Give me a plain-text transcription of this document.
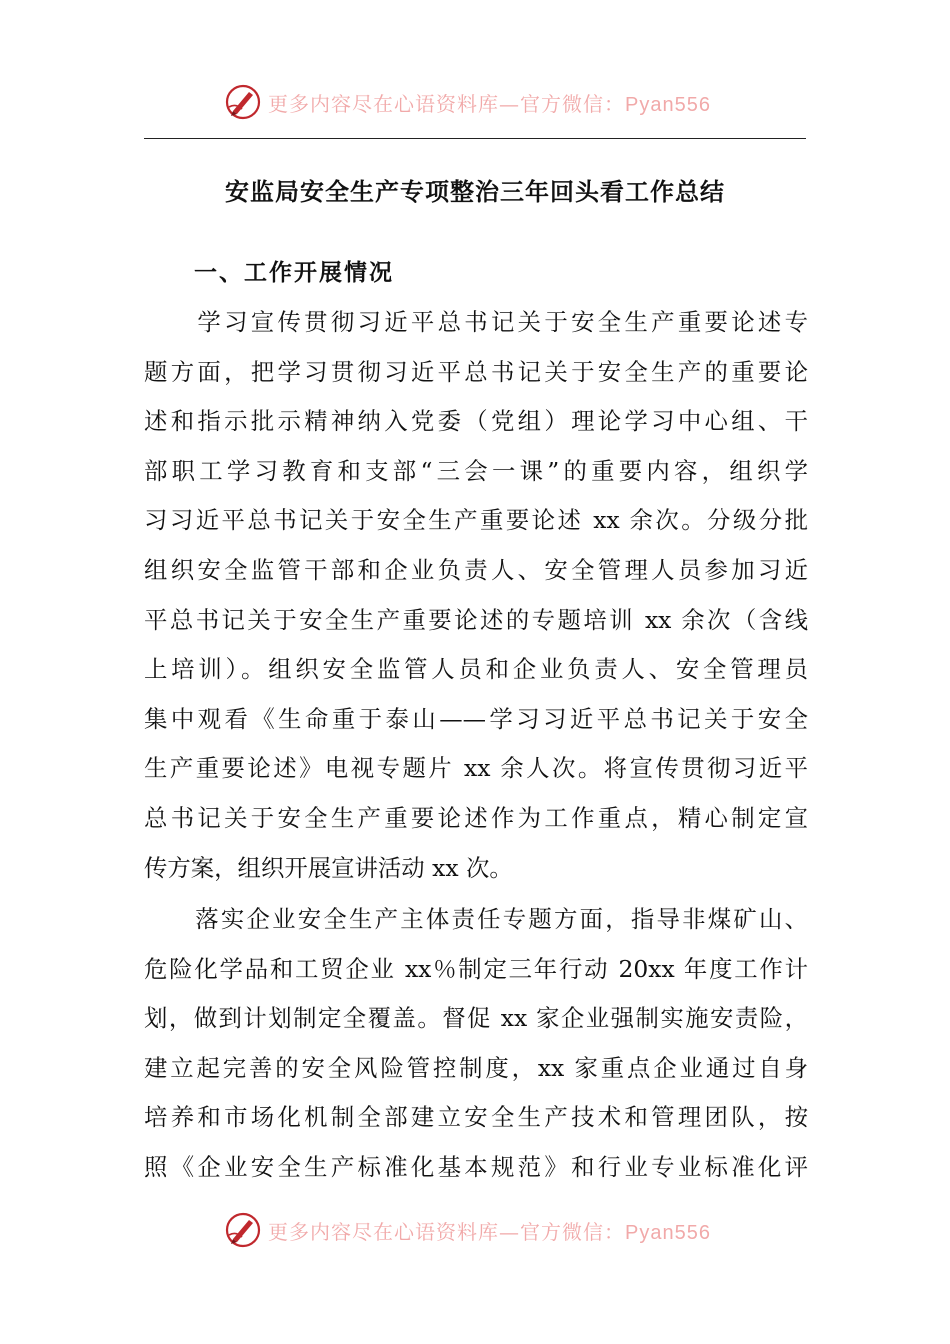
更多内容尽在心语资料库—官方微信：Pyan556
安监局安全生产专项整治三年回头看工作总结
一、工作开展情况
　　学习宣传贯彻习近平总书记关于安全生产重要论述专
题方面，把学习贯彻习近平总书记关于安全生产的重要论
述和指示批示精神纳入党委（党组）理论学习中心组、干
部职工学习教育和支部“三会一课”的重要内容，组织学
习习近平总书记关于安全生产重要论述 xx 余次。分级分批
组织安全监管干部和企业负责人、安全管理人员参加习近
平总书记关于安全生产重要论述的专题培训 xx 余次（含线
上培训）。组织安全监管人员和企业负责人、安全管理员
集中观看《生命重于泰山——学习习近平总书记关于安全
生产重要论述》电视专题片 xx 余人次。将宣传贯彻习近平
总书记关于安全生产重要论述作为工作重点，精心制定宣
传方案，组织开展宣讲活动 xx 次。
　　落实企业安全生产主体责任专题方面，指导非煤矿山、
危险化学品和工贸企业 xx％制定三年行动 20xx 年度工作计
划，做到计划制定全覆盖。督促 xx 家企业强制实施安责险，
建立起完善的安全风险管控制度，xx 家重点企业通过自身
培养和市场化机制全部建立安全生产技术和管理团队，按
照《企业安全生产标准化基本规范》和行业专业标准化评
更多内容尽在心语资料库—官方微信：Pyan556
